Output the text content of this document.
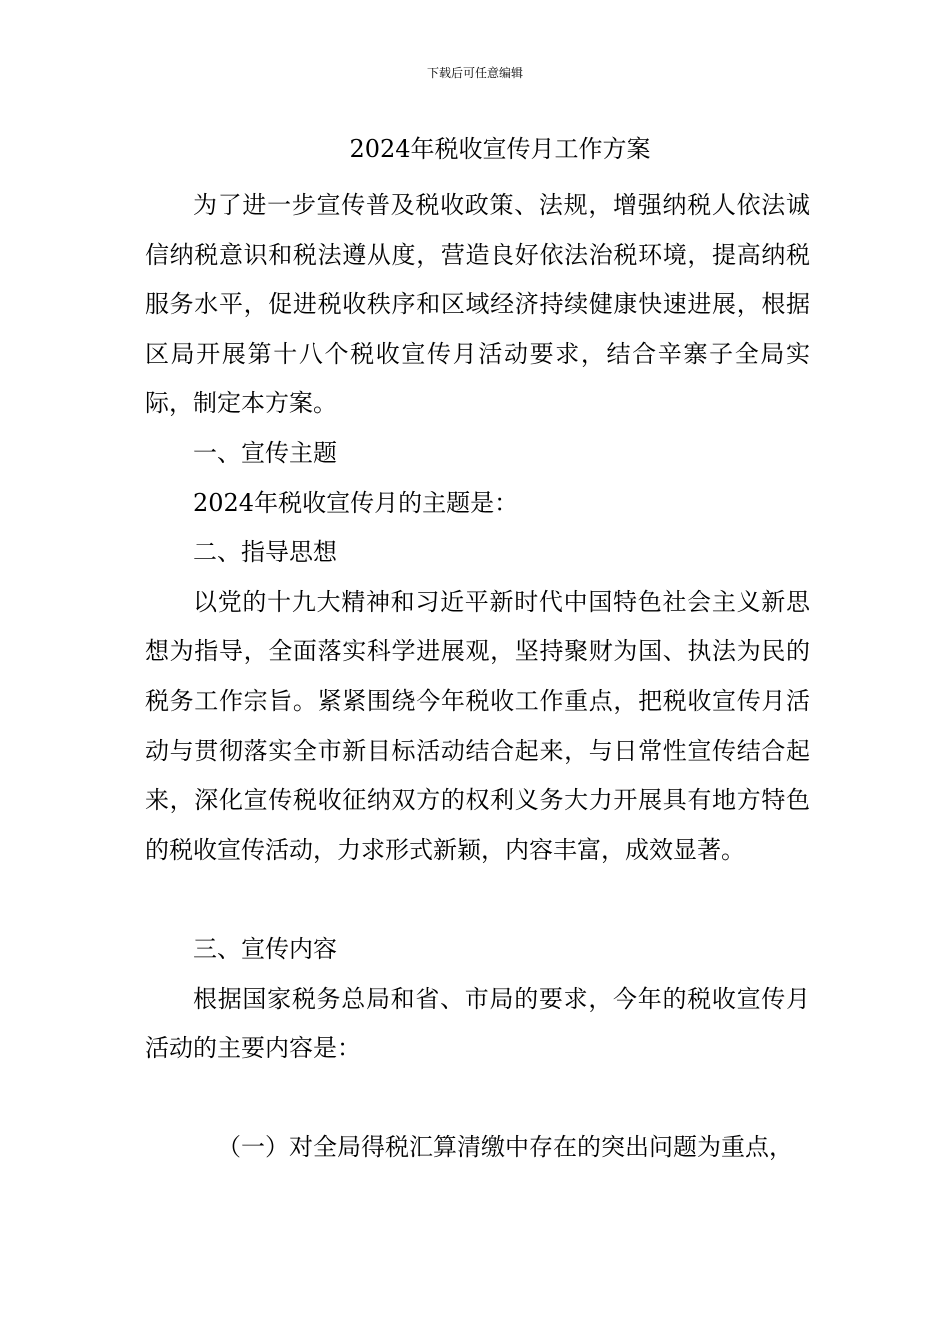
下载后可任意编辑
2024年税收宣传月工作方案

为了进一步宣传普及税收政策、法规，增强纳税人依法诚信纳税意识和税法遵从度，营造良好依法治税环境，提高纳税服务水平，促进税收秩序和区域经济持续健康快速进展，根据区局开展第十八个税收宣传月活动要求，结合辛寨子全局实际，制定本方案。

一、宣传主题

2024年税收宣传月的主题是：

二、指导思想

以党的十九大精神和习近平新时代中国特色社会主义新思想为指导，全面落实科学进展观，坚持聚财为国、执法为民的税务工作宗旨。紧紧围绕今年税收工作重点，把税收宣传月活动与贯彻落实全市新目标活动结合起来，与日常性宣传结合起来，深化宣传税收征纳双方的权利义务大力开展具有地方特色的税收宣传活动，力求形式新颖，内容丰富，成效显著。

三、宣传内容

根据国家税务总局和省、市局的要求，今年的税收宣传月活动的主要内容是：

（一）对全局得税汇算清缴中存在的突出问题为重点，
